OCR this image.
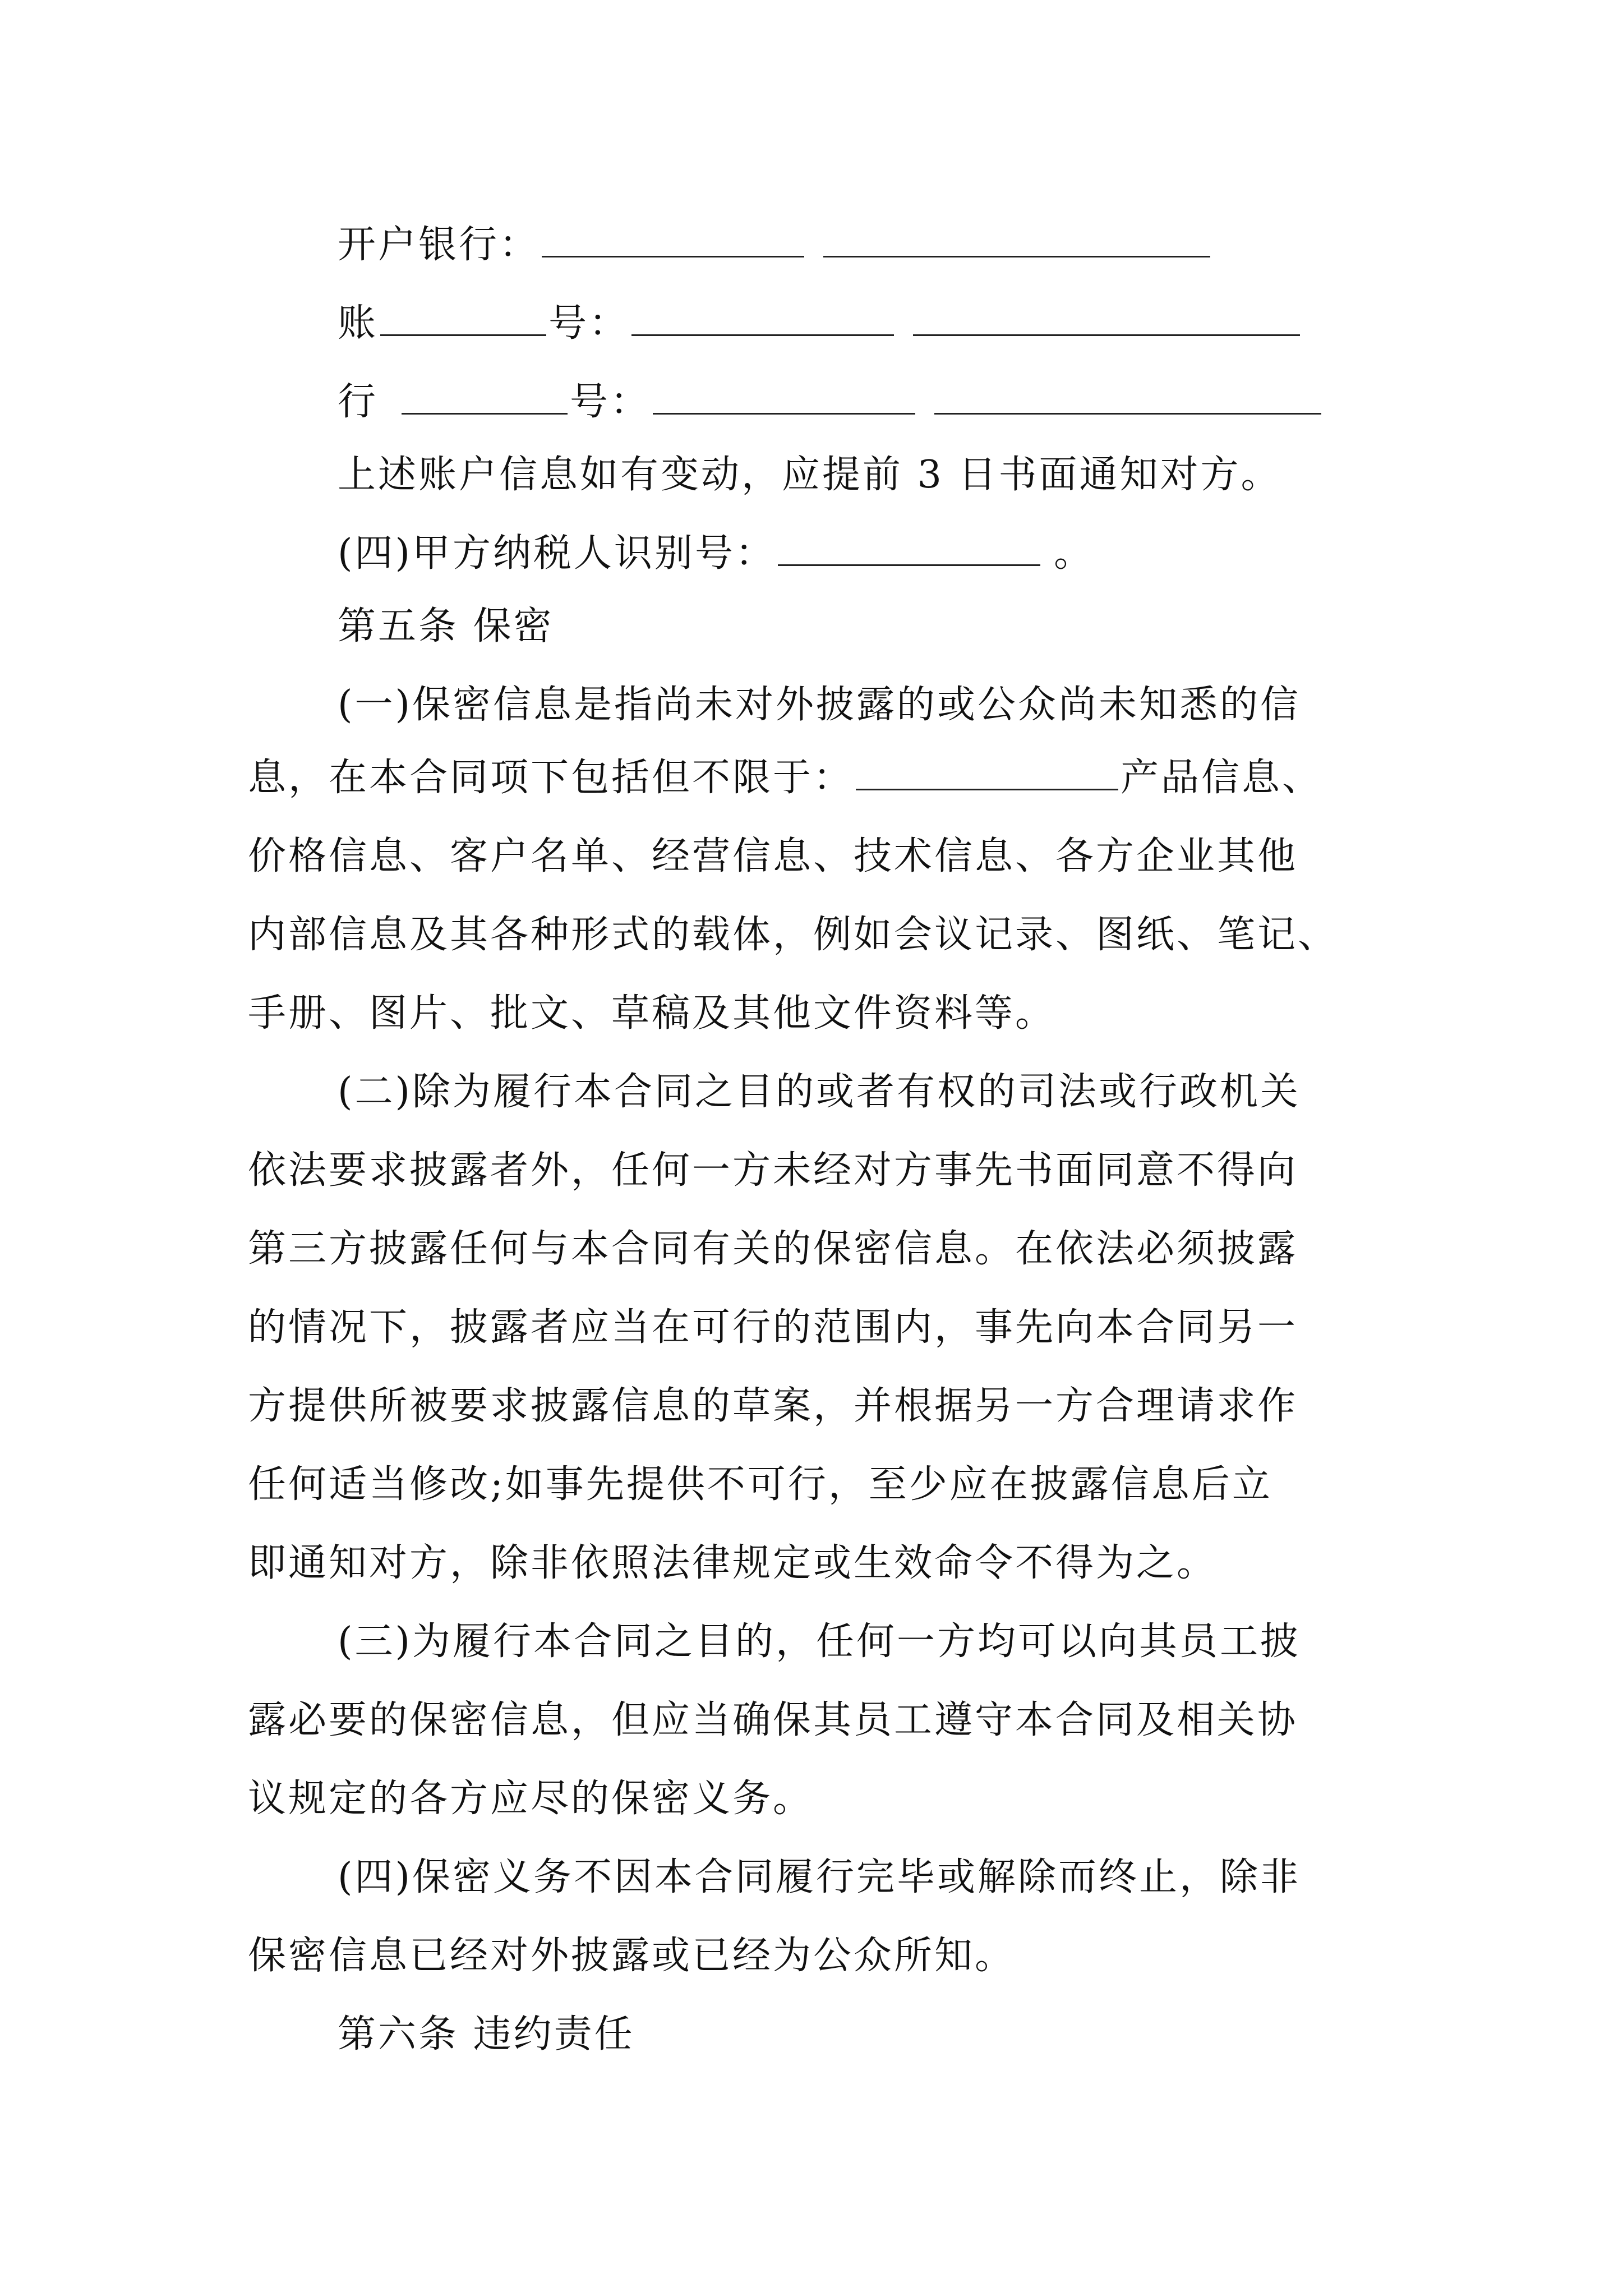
开户银行：
账	号：
行	号：
上述账户信息如有变动，应提前 3 日书面通知对方。
(四)甲方纳税人识别号：	。
第五条 保密
(一)保密信息是指尚未对外披露的或公众尚未知悉的信
息，在本合同项下包括但不限于：	产品信息、
价格信息、客户名单、经营信息、技术信息、各方企业其他
内部信息及其各种形式的载体，例如会议记录、图纸、笔记、
手册、图片、批文、草稿及其他文件资料等。
(二)除为履行本合同之目的或者有权的司法或行政机关
依法要求披露者外，任何一方未经对方事先书面同意不得向
第三方披露任何与本合同有关的保密信息。在依法必须披露
的情况下，披露者应当在可行的范围内，事先向本合同另一
方提供所被要求披露信息的草案，并根据另一方合理请求作
任何适当修改;如事先提供不可行，至少应在披露信息后立
即通知对方，除非依照法律规定或生效命令不得为之。
(三)为履行本合同之目的，任何一方均可以向其员工披
露必要的保密信息，但应当确保其员工遵守本合同及相关协
议规定的各方应尽的保密义务。
(四)保密义务不因本合同履行完毕或解除而终止，除非
保密信息已经对外披露或已经为公众所知。
第六条 违约责任
